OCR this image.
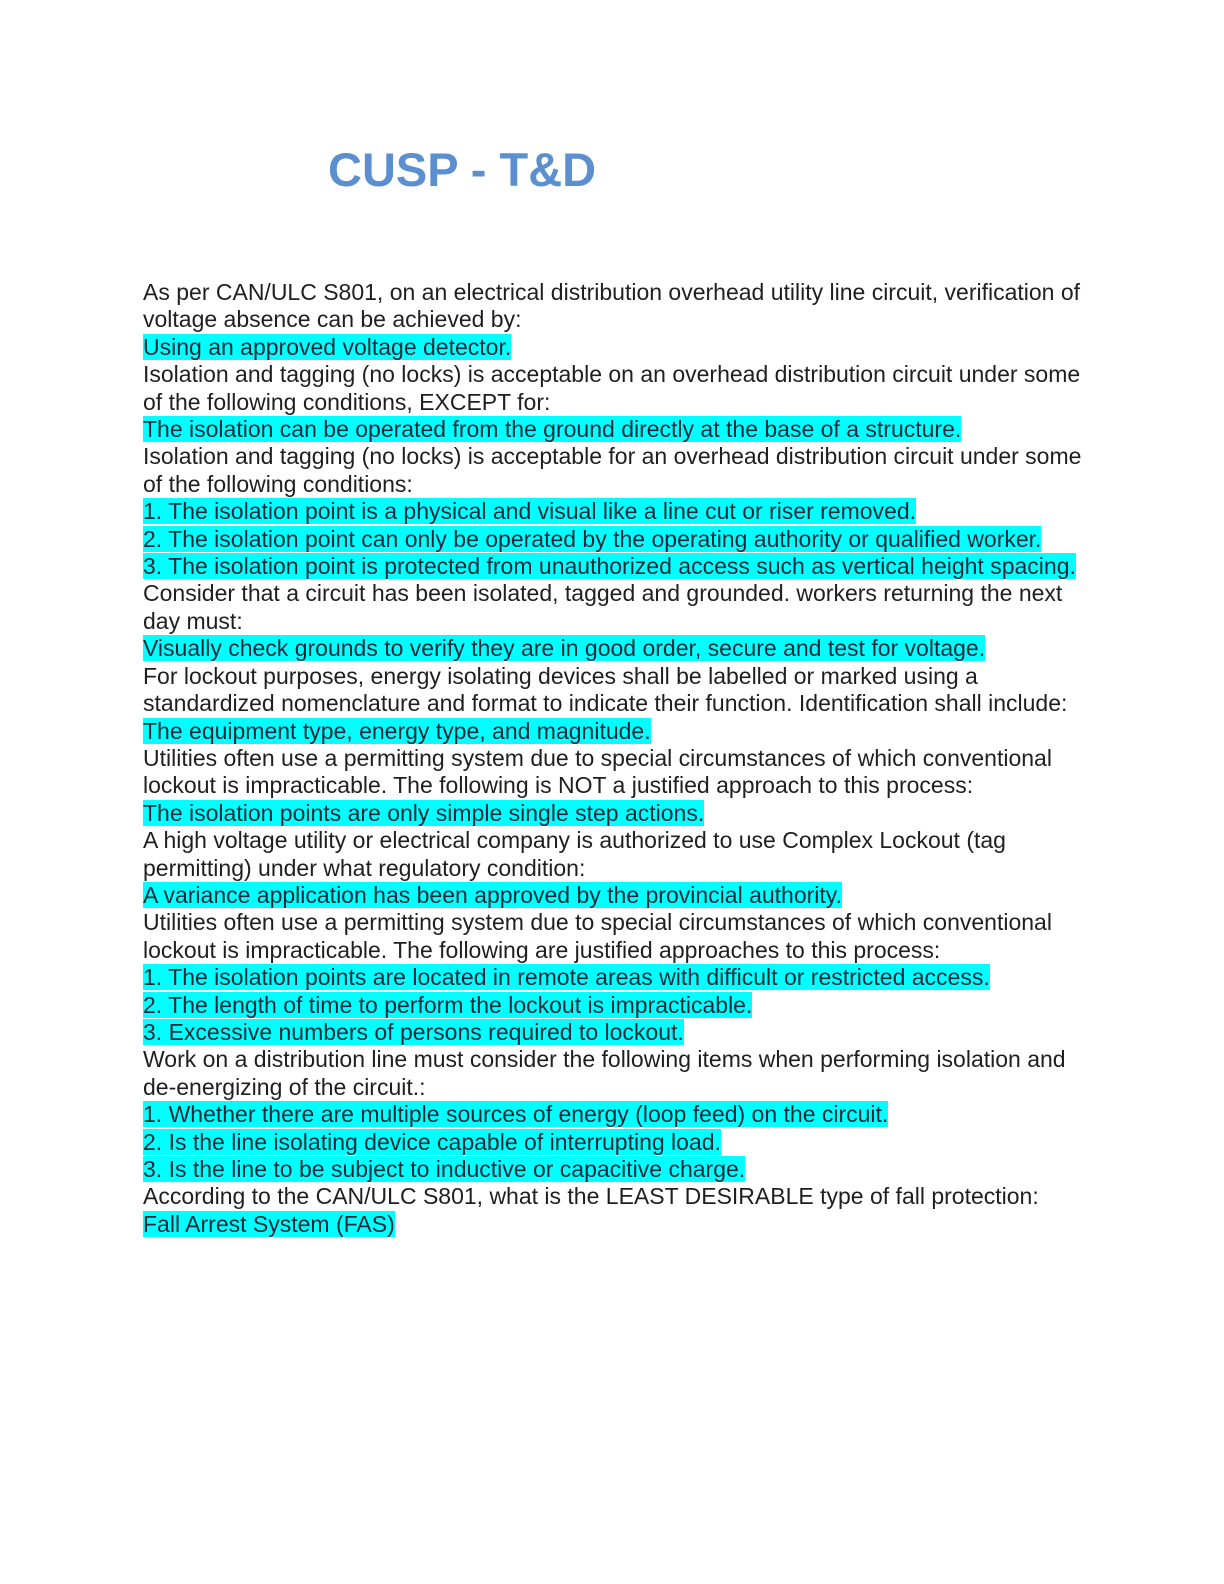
CUSP - T&D

As per CAN/ULC S801, on an electrical distribution overhead utility line circuit, verification of voltage absence can be achieved by:

Using an approved voltage detector.

Isolation and tagging (no locks) is acceptable on an overhead distribution circuit under some of the following conditions, EXCEPT for:

The isolation can be operated from the ground directly at the base of a structure.

Isolation and tagging (no locks) is acceptable for an overhead distribution circuit under some of the following conditions:

1. The isolation point is a physical and visual like a line cut or riser removed.

2. The isolation point can only be operated by the operating authority or qualified worker.

3. The isolation point is protected from unauthorized access such as vertical height spacing.

Consider that a circuit has been isolated, tagged and grounded. workers returning the next day must:

Visually check grounds to verify they are in good order, secure and test for voltage.

For lockout purposes, energy isolating devices shall be labelled or marked using a standardized nomenclature and format to indicate their function. Identification shall include:

The equipment type, energy type, and magnitude.

Utilities often use a permitting system due to special circumstances of which conventional lockout is impracticable. The following is NOT a justified approach to this process:

The isolation points are only simple single step actions.

A high voltage utility or electrical company is authorized to use Complex Lockout (tag permitting) under what regulatory condition:

A variance application has been approved by the provincial authority.

Utilities often use a permitting system due to special circumstances of which conventional lockout is impracticable. The following are justified approaches to this process:

1. The isolation points are located in remote areas with difficult or restricted access.

2. The length of time to perform the lockout is impracticable.

3. Excessive numbers of persons required to lockout.

Work on a distribution line must consider the following items when performing isolation and de-energizing of the circuit.:

1. Whether there are multiple sources of energy (loop feed) on the circuit.

2. Is the line isolating device capable of interrupting load.

3. Is the line to be subject to inductive or capacitive charge.

According to the CAN/ULC S801, what is the LEAST DESIRABLE type of fall protection:

Fall Arrest System (FAS)
